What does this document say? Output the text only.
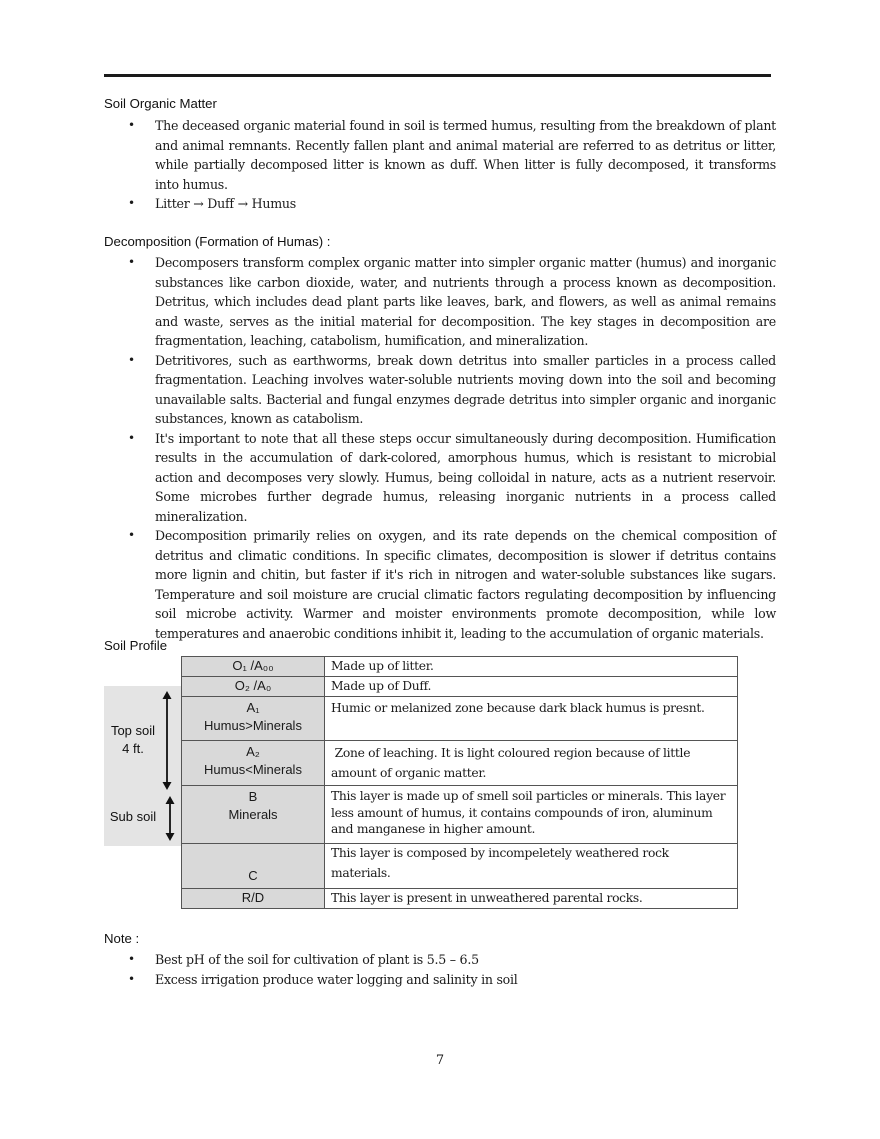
Soil Organic Matter
• The deceased organic material found in soil is termed humus, resulting from the breakdown of plant and animal remnants. Recently fallen plant and animal material are referred to as detritus or litter, while partially decomposed litter is known as duff. When litter is fully decomposed, it transforms into humus.
• Litter → Duff → Humus
Decomposition (Formation of Humas) :
• Decomposers transform complex organic matter into simpler organic matter (humus) and inorganic substances like carbon dioxide, water, and nutrients through a process known as decomposition. Detritus, which includes dead plant parts like leaves, bark, and flowers, as well as animal remains and waste, serves as the initial material for decomposition. The key stages in decomposition are fragmentation, leaching, catabolism, humification, and mineralization.
• Detritivores, such as earthworms, break down detritus into smaller particles in a process called fragmentation. Leaching involves water-soluble nutrients moving down into the soil and becoming unavailable salts. Bacterial and fungal enzymes degrade detritus into simpler organic and inorganic substances, known as catabolism.
• It's important to note that all these steps occur simultaneously during decomposition. Humification results in the accumulation of dark-colored, amorphous humus, which is resistant to microbial action and decomposes very slowly. Humus, being colloidal in nature, acts as a nutrient reservoir. Some microbes further degrade humus, releasing inorganic nutrients in a process called mineralization.
• Decomposition primarily relies on oxygen, and its rate depends on the chemical composition of detritus and climatic conditions. In specific climates, decomposition is slower if detritus contains more lignin and chitin, but faster if it's rich in nitrogen and water-soluble substances like sugars. Temperature and soil moisture are crucial climatic factors regulating decomposition by influencing soil microbe activity. Warmer and moister environments promote decomposition, while low temperatures and anaerobic conditions inhibit it, leading to the accumulation of organic materials.
Soil Profile
Top soil
4 ft.
Sub soil
O₁ /A₀₀	Made up of litter.

O₂ /A₀	Made up of Duff.

A₁
Humus>Minerals	Humic or melanized zone because dark black humus is presnt.

A₂
Humus<Minerals	Zone of leaching. It is light coloured region because of little amount of organic matter.

B
Minerals	This layer is made up of smell soil particles or minerals. This layer less amount of humus, it contains compounds of iron, aluminum and manganese in higher amount.

C	This layer is composed by incompeletely weathered rock materials.

R/D	This layer is present in unweathered parental rocks.
Note :
• Best pH of the soil for cultivation of plant is 5.5 – 6.5
• Excess irrigation produce water logging and salinity in soil
7
